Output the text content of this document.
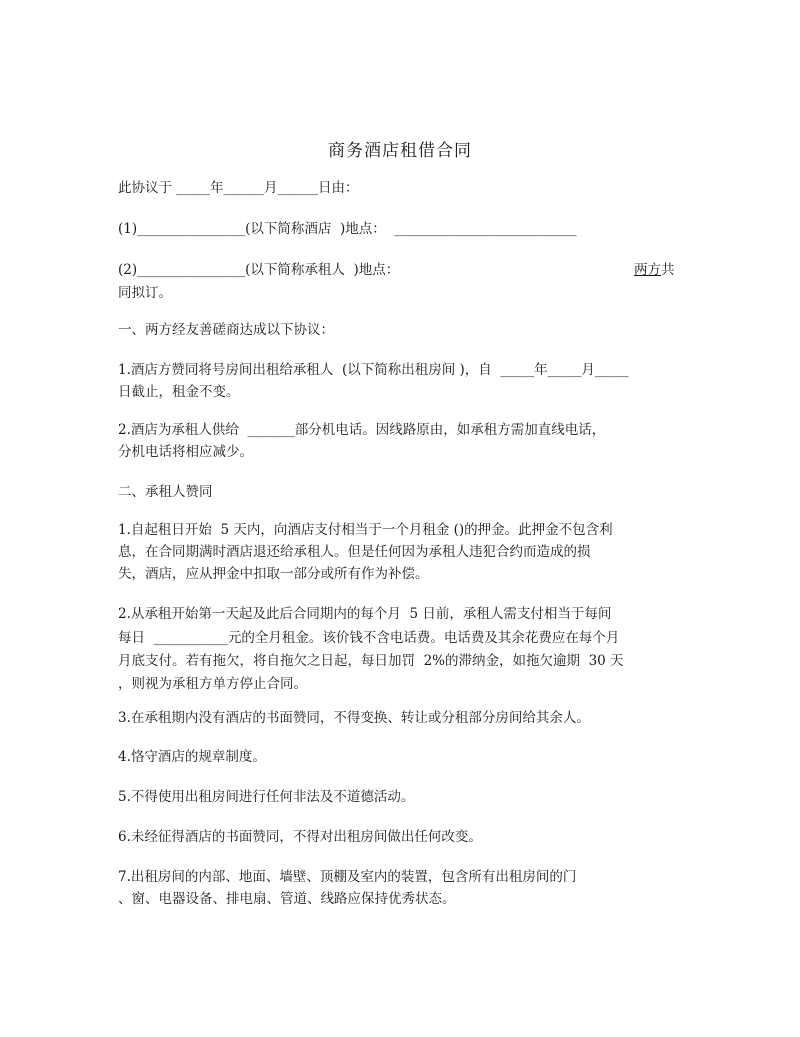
商务酒店租借合同
此协议于 _____年______月______日由：
(1)________________(以下简称酒店  )地点：  ___________________________
(2)________________(以下简称承租人  )地点：	两方共
同拟订。
一、两方经友善磋商达成以下协议：
1.酒店方赞同将号房间出租给承租人  (以下简称出租房间 )，自  _____年_____月_____
日截止，租金不变。
2.酒店为承租人供给  _______部分机电话。因线路原由，如承租方需加直线电话，
分机电话将相应减少。
二、承租人赞同
1.自起租日开始  5 天内，向酒店支付相当于一个月租金 ()的押金。此押金不包含利
息，在合同期满时酒店退还给承租人。但是任何因为承租人违犯合约而造成的损
失，酒店，应从押金中扣取一部分或所有作为补偿。
2.从承租开始第一天起及此后合同期内的每个月  5 日前，承租人需支付相当于每间
每日  ___________元的全月租金。该价钱不含电话费。电话费及其余花费应在每个月
月底支付。若有拖欠，将自拖欠之日起，每日加罚  2%的滞纳金，如拖欠逾期  30 天
，则视为承租方单方停止合同。
3.在承租期内没有酒店的书面赞同，不得变换、转让或分租部分房间给其余人。
4.恪守酒店的规章制度。
5.不得使用出租房间进行任何非法及不道德活动。
6.未经征得酒店的书面赞同，不得对出租房间做出任何改变。
7.出租房间的内部、地面、墙壁、顶棚及室内的装置，包含所有出租房间的门
、窗、电器设备、排电扇、管道、线路应保持优秀状态。
